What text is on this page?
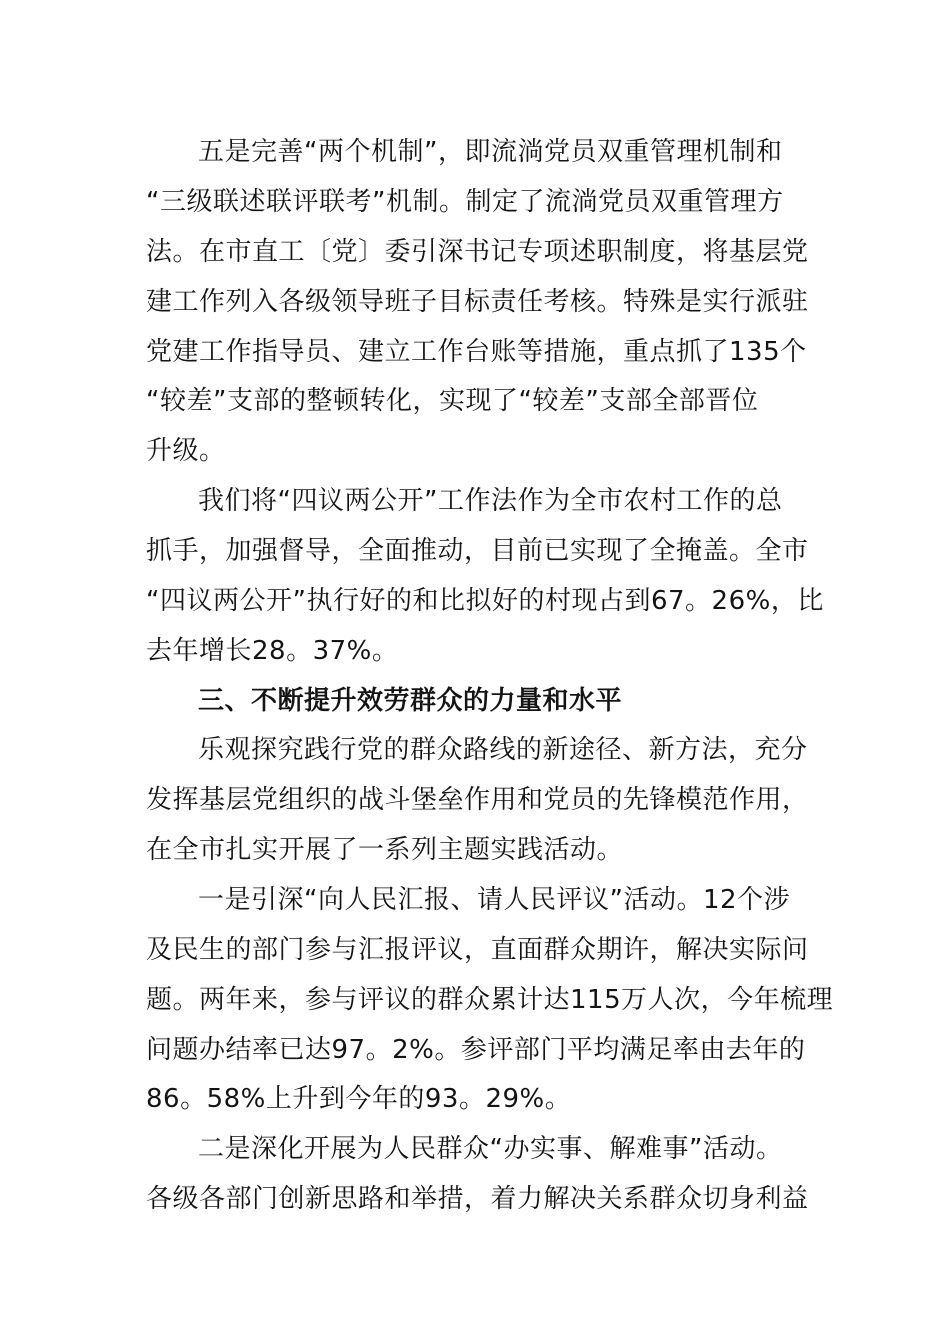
五是完善“两个机制”，即流淌党员双重管理机制和
“三级联述联评联考”机制。制定了流淌党员双重管理方
法。在市直工〔党〕委引深书记专项述职制度，将基层党
建工作列入各级领导班子目标责任考核。特殊是实行派驻
党建工作指导员、建立工作台账等措施，重点抓了135个
“较差”支部的整顿转化，实现了“较差”支部全部晋位
升级。
我们将“四议两公开”工作法作为全市农村工作的总
抓手，加强督导，全面推动，目前已实现了全掩盖。全市
“四议两公开”执行好的和比拟好的村现占到67。26%，比
去年增长28。37%。
三、不断提升效劳群众的力量和水平
乐观探究践行党的群众路线的新途径、新方法，充分
发挥基层党组织的战斗堡垒作用和党员的先锋模范作用，
在全市扎实开展了一系列主题实践活动。
一是引深“向人民汇报、请人民评议”活动。12个涉
及民生的部门参与汇报评议，直面群众期许，解决实际问
题。两年来，参与评议的群众累计达115万人次，今年梳理
问题办结率已达97。2%。参评部门平均满足率由去年的
86。58%上升到今年的93。29%。
二是深化开展为人民群众“办实事、解难事”活动。
各级各部门创新思路和举措，着力解决关系群众切身利益
